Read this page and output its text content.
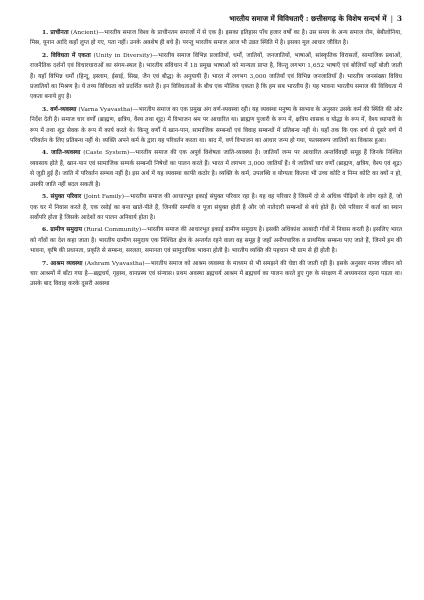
भारतीय समाज में विविधताएँ : छत्तीसगढ़ के विशेष सन्दर्भ में | 3

1. प्राचीनता (Ancient)—भारतीय समाज विश्व के प्राचीनतम समाजों में से एक है। इसका इतिहास पाँच हजार वर्षों का है। उस समय के अन्य समाज रोम, बेबीलोनिया, मिस्र, यूनान आदि कहाँ लुप्त हो गए, पता नहीं। उनके अवशेष ही बचे हैं। परन्तु भारतीय समाज आज भी उन्नत स्थिति में है। इसका मूल आधार जीवित है।

2. विविधता में एकता (Unity in Diversity)—भारतीय समाज विभिन्न प्रजातियों, धर्मों, जातियों, जनजातियों, भाषाओं, सांस्कृतिक विरासतों, सामाजिक प्रथाओं, राजनैतिक दर्शनों एवं विचारधाराओं का संगम-स्थल है। भारतीय संविधान में 18 प्रमुख भाषाओं को मान्यता प्राप्त है, किन्तु लगभग 1,652 भाषाएँ एवं बोलियाँ यहाँ बोली जाती हैं। यहाँ विभिन्न धर्मों (हिन्दू, इस्लाम, ईसाई, सिख, जैन एवं बौद्ध) के अनुयायी हैं। भारत में लगभग 3,000 जातियाँ एवं विभिन्न जनजातियाँ हैं। भारतीय जनसंख्या विविध प्रजातियों का मिश्रण है। ये तथ्य विविधता को प्रदर्शित करते हैं। इन विविधताओं के बीच एक मौलिक एकता है कि हम सब भारतीय हैं। यह भावना भारतीय समाज की विविधता में एकता बनाये हुए है।

3. वर्ण-व्यवस्था (Varna Vyavastha)—भारतीय समाज का एक प्रमुख अंग वर्ण-व्यवस्था रही। यह व्यवस्था मनुष्य के स्वभाव के अनुसार उसके कर्म की स्थिति की ओर निर्देश देती है। समाज चार वर्णों (ब्राह्मण, क्षत्रिय, वैश्य तथा शूद्र) में विभाजन श्रम पर आधारित था। ब्राह्मण पुजारी के रूप में, क्षत्रिय शासक व योद्धा के रूप में, वैश्य व्यापारी के रूप में तथा शूद्र सेवक के रूप में कार्य करते थे। किन्तु वर्णों में खान-पान, सामाजिक सम्बन्धों एवं विवाह सम्बन्धों में प्रतिबन्ध नहीं थे। यहाँ तक कि एक वर्ण से दूसरे वर्ण में परिवर्तन के लिए प्रतिबन्ध नहीं थे। व्यक्ति अपने कर्म के द्वारा यह परिवर्तन करता था। बाद में, वर्ण विभाजन का आधार जन्म हो गया, फलस्वरूप जातियों का विकास हुआ।

4. जाति-व्यवस्था (Caste System)—भारतीय समाज की एक अपूर्व विशेषता जाति-व्यवस्था है। जातियाँ जन्म पर आधारित अन्तर्विवाही समूह हैं जिनके निश्चित व्यवसाय होते हैं, खान-पान एवं सामाजिक सम्पर्क सम्बन्धी निषेधों का पालन करते हैं। भारत में लगभग 3,000 जातियाँ हैं। ये जातियाँ चार वर्णों (ब्राह्मण, क्षत्रिय, वैश्य एवं शूद्र) से जुड़ी हुई हैं। जाति में परिवर्तन सम्भव नहीं है। इस अर्थ में यह व्यवस्था काफी कठोर है। व्यक्ति के कर्म, उपलब्धि व योग्यता कितना भी उच्च कोटि व निम्न कोटि का क्यों न हो, उसकी जाति नहीं बदल सकती है।

5. संयुक्त परिवार (Joint Family)—भारतीय समाज की आधारभूत इकाई संयुक्त परिवार रहा है। यह वह परिवार है जिसमें दो से अधिक पीढ़ियों के लोग रहते हैं, जो एक घर में निवास करते हैं, एक रसोई का बना खाते-पीते हैं, जिनकी सम्पत्ति व पूजा संयुक्त होती है और जो नातेदारी सम्बन्धों से बंधे होते हैं। ऐसे परिवार में कर्ता का स्थान सर्वोपरि होता है जिसके आदेशों का पालन अनिवार्य होता है।

6. ग्रामीण समुदाय (Rural Community)—भारतीय समाज की आधारभूत इकाई ग्रामीण समुदाय है। इसकी अधिकांश आबादी गाँवों में निवास करती है। इसलिए भारत को गाँवों का देश कहा जाता है। भारतीय ग्रामीण समुदाय एक निश्चित क्षेत्र के अन्तर्गत रहने वाला वह समूह है जहाँ अनौपचारिक व प्राथमिक सम्बन्ध पाए जाते हैं, जिनमें हम की भावना, कृषि की प्रधानता, प्रकृति से सम्बन्ध, सरलता, समानता एवं सामुदायिक भावना होती है। भारतीय व्यक्ति की पहचान भी ग्राम से ही होती है।

7. आश्रम व्यवस्था (Ashram Vyavastha)—भारतीय समाज को आश्रम व्यवस्था के माध्यम से भी समझने की चेष्टा की जाती रही है। इसके अनुसार मानव जीवन को चार आश्रमों में बाँटा गया है—ब्रह्मचर्य, गृहस्थ, वानप्रस्थ एवं संन्यास। प्रथम अवस्था ब्रह्मचर्य आश्रम में ब्रह्मचर्य का पालन करते हुए गुरु के संरक्षण में अध्ययनरत रहना पड़ता था। उसके बाद विवाह करके दूसरी अवस्था
